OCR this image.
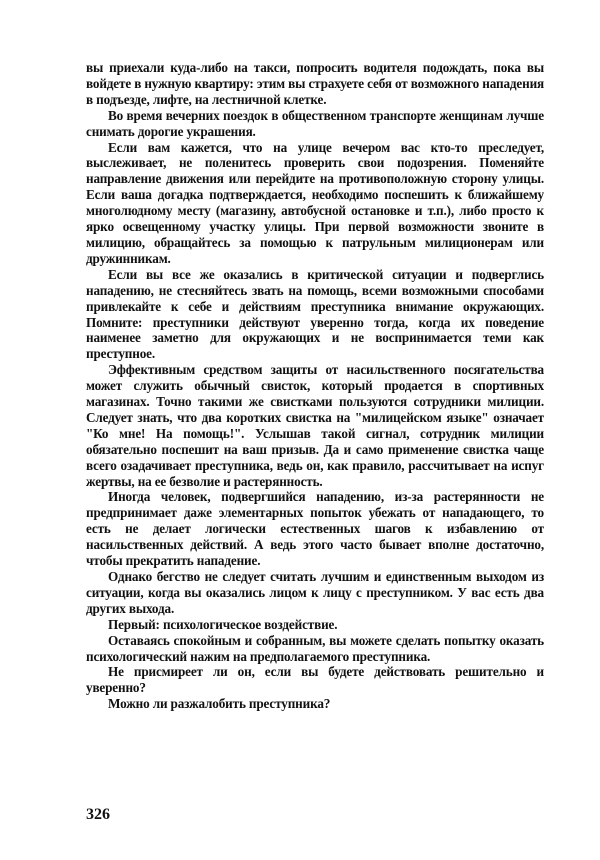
вы приехали куда-либо на такси, попросить водителя подождать, пока вы войдете в нужную квартиру: этим вы страхуете себя от возможного нападения в подъезде, лифте, на лестничной клетке.

Во время вечерних поездок в общественном транспорте женщинам лучше снимать дорогие украшения.

Если вам кажется, что на улице вечером вас кто-то преследует, выслеживает, не поленитесь проверить свои подозрения. Поменяйте направление движения или перейдите на противоположную сторону улицы. Если ваша догадка подтверждается, необходимо поспешить к ближайшему многолюдному месту (магазину, автобусной остановке и т.п.), либо просто к ярко освещенному участку улицы. При первой возможности звоните в милицию, обращайтесь за помощью к патрульным милиционерам или дружинникам.

Если вы все же оказались в критической ситуации и подверглись нападению, не стесняйтесь звать на помощь, всеми возможными способами привлекайте к себе и действиям преступника внимание окружающих. Помните: преступники действуют уверенно тогда, когда их поведение наименее заметно для окружающих и не воспринимается теми как преступное.

Эффективным средством защиты от насильственного посягательства может служить обычный свисток, который продается в спортивных магазинах. Точно такими же свистками пользуются сотрудники милиции. Следует знать, что два коротких свистка на "милицейском языке" означает "Ко мне! На помощь!". Услышав такой сигнал, сотрудник милиции обязательно поспешит на ваш призыв. Да и само применение свистка чаще всего озадачивает преступника, ведь он, как правило, рассчитывает на испуг жертвы, на ее безволие и растерянность.

Иногда человек, подвергшийся нападению, из-за растерянности не предпринимает даже элементарных попыток убежать от нападающего, то есть не делает логически естественных шагов к избавлению от насильственных действий. А ведь этого часто бывает вполне достаточно, чтобы прекратить нападение.

Однако бегство не следует считать лучшим и единственным выходом из ситуации, когда вы оказались лицом к лицу с преступником. У вас есть два других выхода.

Первый: психологическое воздействие.

Оставаясь спокойным и собранным, вы можете сделать попытку оказать психологический нажим на предполагаемого преступника.

Не присмиреет ли он, если вы будете действовать решительно и уверенно?

Можно ли разжалобить преступника?

326
